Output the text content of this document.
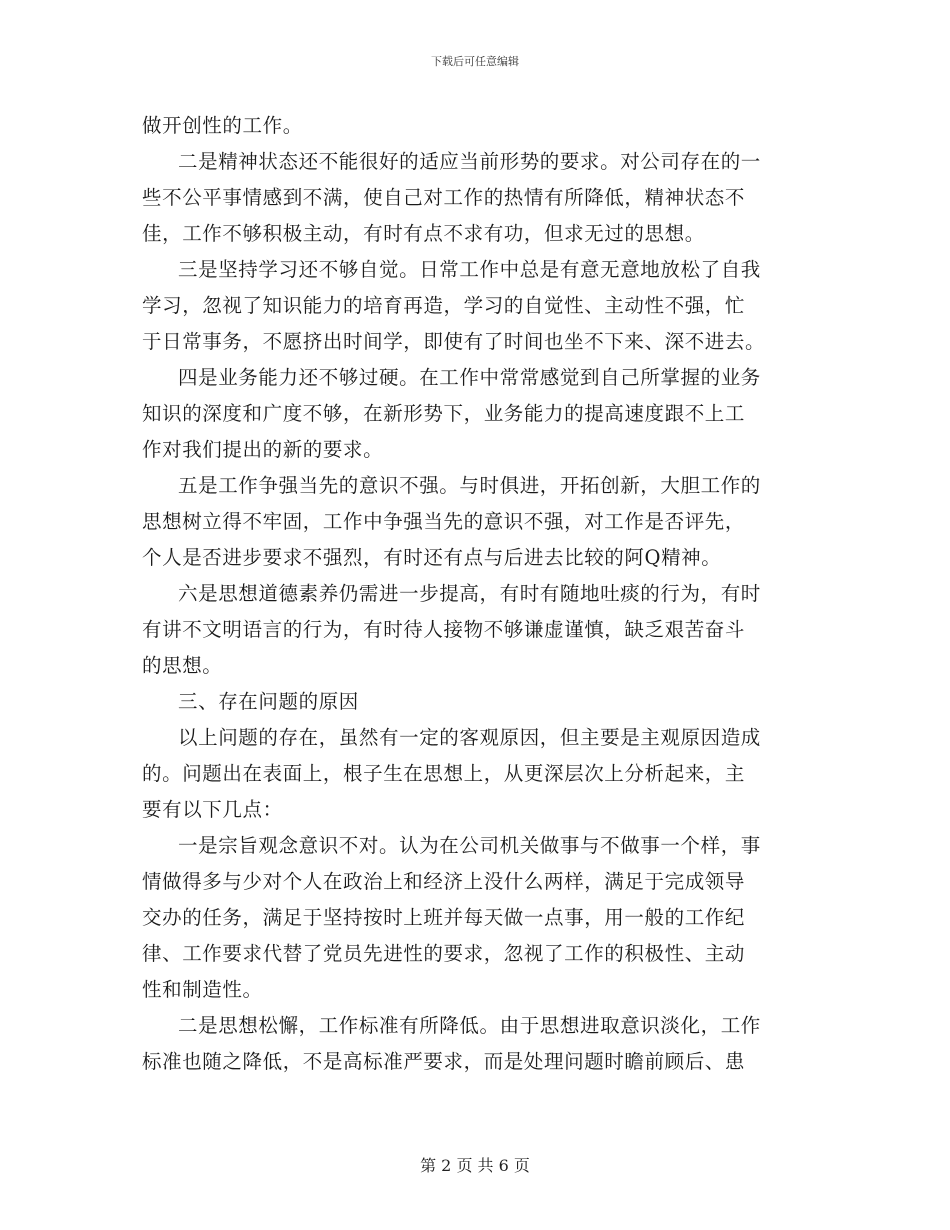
下载后可任意编辑
做开创性的工作。
二是精神状态还不能很好的适应当前形势的要求。对公司存在的一
些不公平事情感到不满，使自己对工作的热情有所降低，精神状态不
佳，工作不够积极主动，有时有点不求有功，但求无过的思想。
三是坚持学习还不够自觉。日常工作中总是有意无意地放松了自我
学习，忽视了知识能力的培育再造，学习的自觉性、主动性不强，忙
于日常事务，不愿挤出时间学，即使有了时间也坐不下来、深不进去。
四是业务能力还不够过硬。在工作中常常感觉到自己所掌握的业务
知识的深度和广度不够，在新形势下，业务能力的提高速度跟不上工
作对我们提出的新的要求。
五是工作争强当先的意识不强。与时俱进，开拓创新，大胆工作的
思想树立得不牢固，工作中争强当先的意识不强，对工作是否评先，
个人是否进步要求不强烈，有时还有点与后进去比较的阿Q精神。
六是思想道德素养仍需进一步提高，有时有随地吐痰的行为，有时
有讲不文明语言的行为，有时待人接物不够谦虚谨慎，缺乏艰苦奋斗
的思想。
三、存在问题的原因
以上问题的存在，虽然有一定的客观原因，但主要是主观原因造成
的。问题出在表面上，根子生在思想上，从更深层次上分析起来，主
要有以下几点：
一是宗旨观念意识不对。认为在公司机关做事与不做事一个样，事
情做得多与少对个人在政治上和经济上没什么两样，满足于完成领导
交办的任务，满足于坚持按时上班并每天做一点事，用一般的工作纪
律、工作要求代替了党员先进性的要求，忽视了工作的积极性、主动
性和制造性。
二是思想松懈，工作标准有所降低。由于思想进取意识淡化，工作
标准也随之降低，不是高标准严要求，而是处理问题时瞻前顾后、患
第 2 页 共 6 页
